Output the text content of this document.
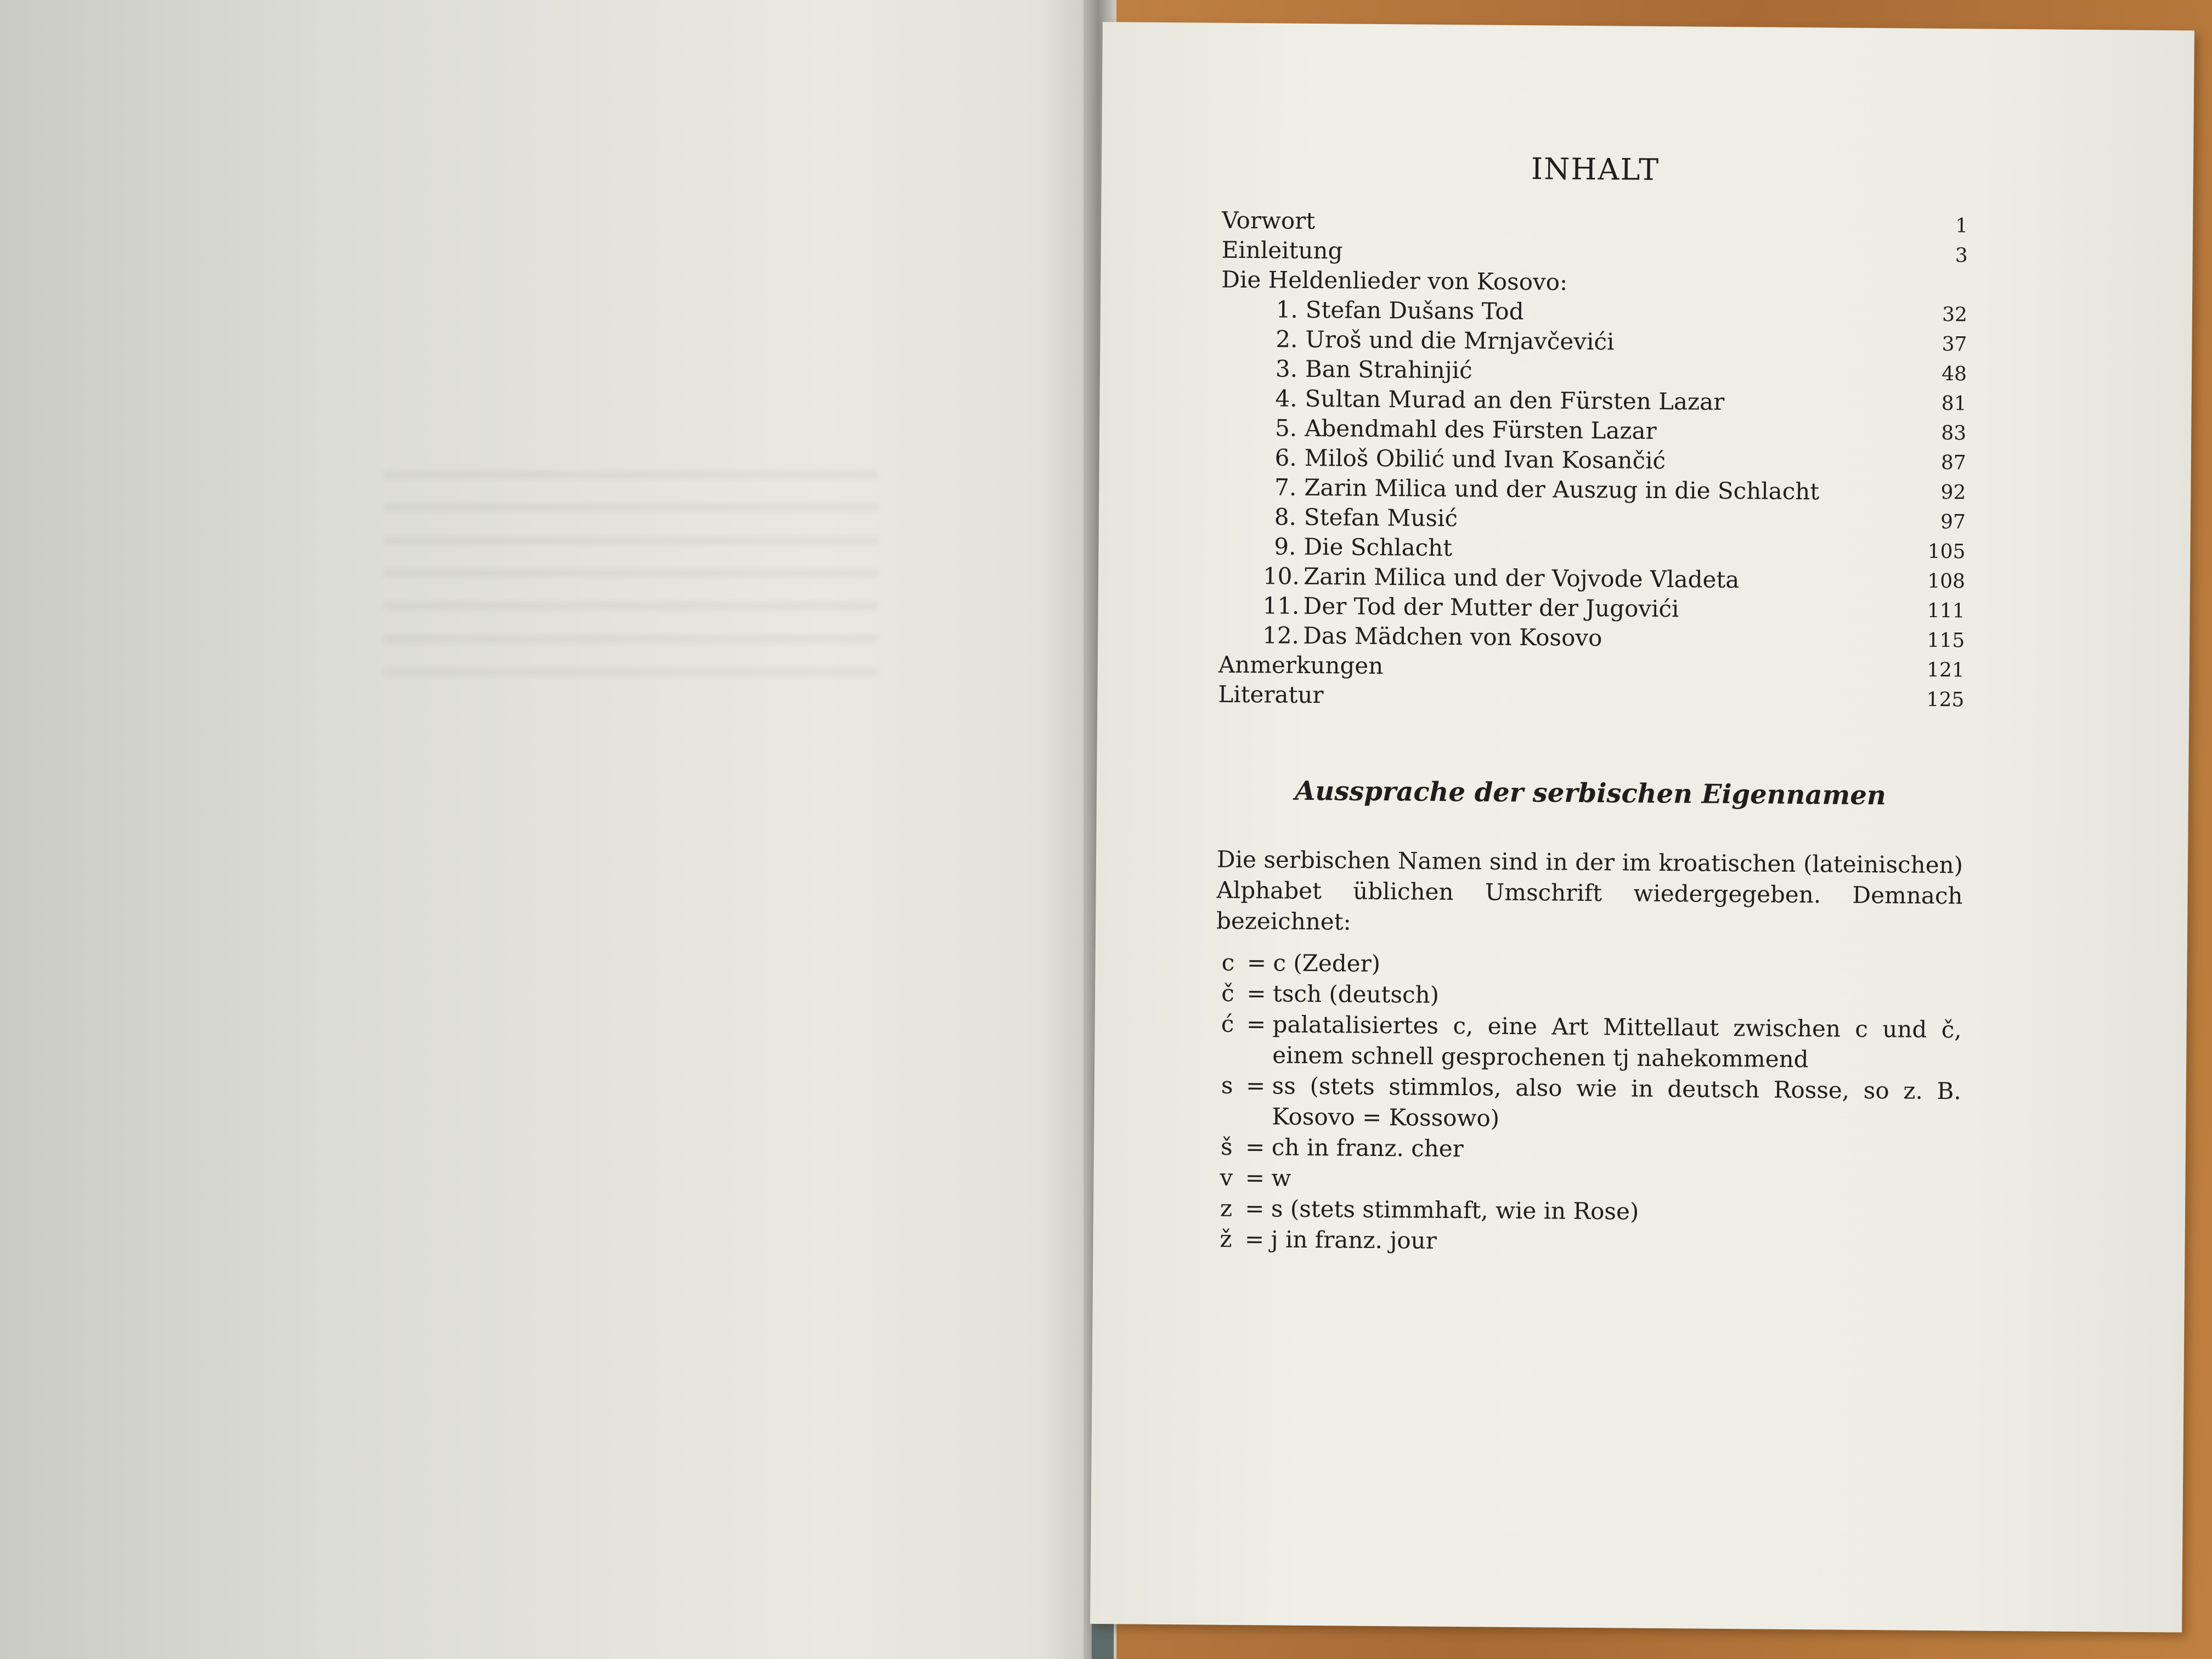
INHALT
Vorwort	1
Einleitung	3
Die Heldenlieder von Kosovo:
1. Stefan Dušans Tod	32
2. Uroš und die Mrnjavčevići	37
3. Ban Strahinjić	48
4. Sultan Murad an den Fürsten Lazar	81
5. Abendmahl des Fürsten Lazar	83
6. Miloš Obilić und Ivan Kosančić	87
7. Zarin Milica und der Auszug in die Schlacht	92
8. Stefan Musić	97
9. Die Schlacht	105
10. Zarin Milica und der Vojvode Vladeta	108
11. Der Tod der Mutter der Jugovići	111
12. Das Mädchen von Kosovo	115
Anmerkungen	121
Literatur	125
Aussprache der serbischen Eigennamen

Die serbischen Namen sind in der im kroatischen (lateinischen) Alphabet üblichen Umschrift wiedergegeben. Demnach bezeichnet:

c = c (Zeder)
č = tsch (deutsch)
ć = palatalisiertes c, eine Art Mittellaut zwischen c und č, einem schnell gesprochenen tj nahekommend
s = ss (stets stimmlos, also wie in deutsch Rosse, so z. B. Kosovo = Kossowo)
š = ch in franz. cher
v = w
z = s (stets stimmhaft, wie in Rose)
ž = j in franz. jour
